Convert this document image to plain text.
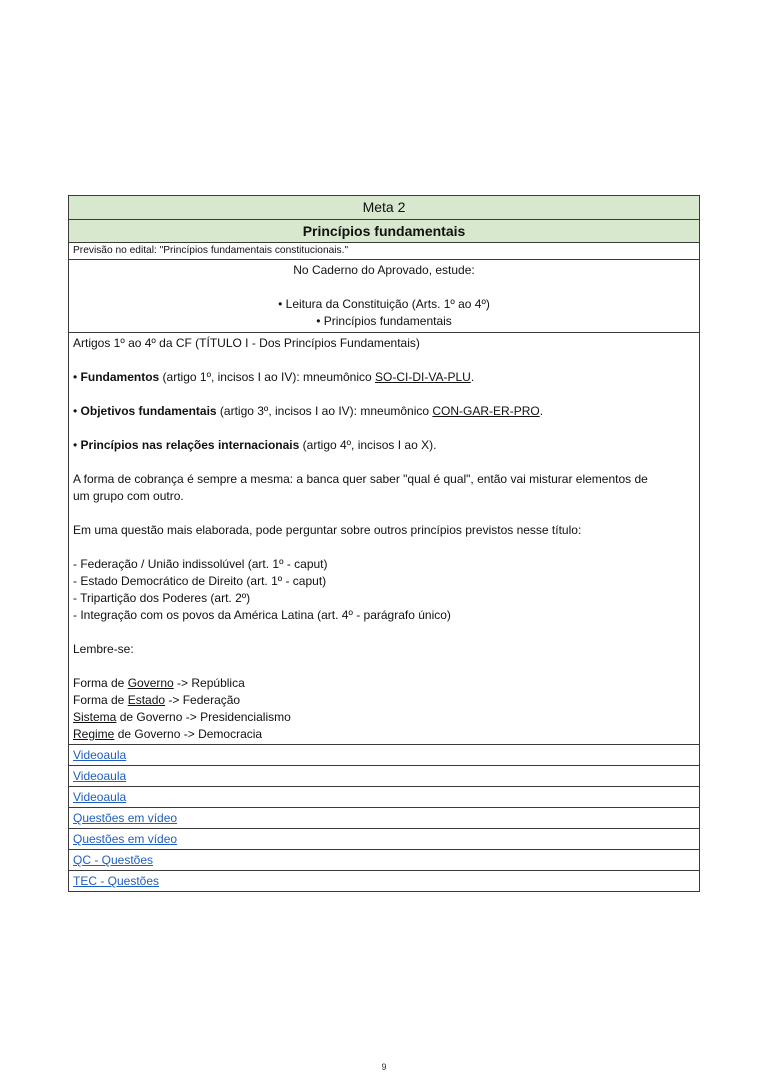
Meta 2
Princípios fundamentais
Previsão no edital: "Princípios fundamentais constitucionais."

No Caderno do Aprovado, estude:

• Leitura da Constituição (Arts. 1º ao 4º)

• Princípios fundamentais

Artigos 1º ao 4º da CF (TÍTULO I - Dos Princípios Fundamentais)

• Fundamentos (artigo 1º, incisos I ao IV): mneumônico SO-CI-DI-VA-PLU.

• Objetivos fundamentais (artigo 3º, incisos I ao IV): mneumônico CON-GAR-ER-PRO.

• Princípios nas relações internacionais (artigo 4º, incisos I ao X).

A forma de cobrança é sempre a mesma: a banca quer saber "qual é qual", então vai misturar elementos de

um grupo com outro.

Em uma questão mais elaborada, pode perguntar sobre outros princípios previstos nesse título:

- Federação / União indissolúvel (art. 1º - caput)

- Estado Democrático de Direito (art. 1º - caput)

- Tripartição dos Poderes (art. 2º)

- Integração com os povos da América Latina (art. 4º - parágrafo único)

Lembre-se:

Forma de Governo -> República

Forma de Estado -> Federação

Sistema de Governo -> Presidencialismo

Regime de Governo -> Democracia

Videoaula
Videoaula
Videoaula
Questões em vídeo
Questões em vídeo
QC - Questões
TEC - Questões
9
